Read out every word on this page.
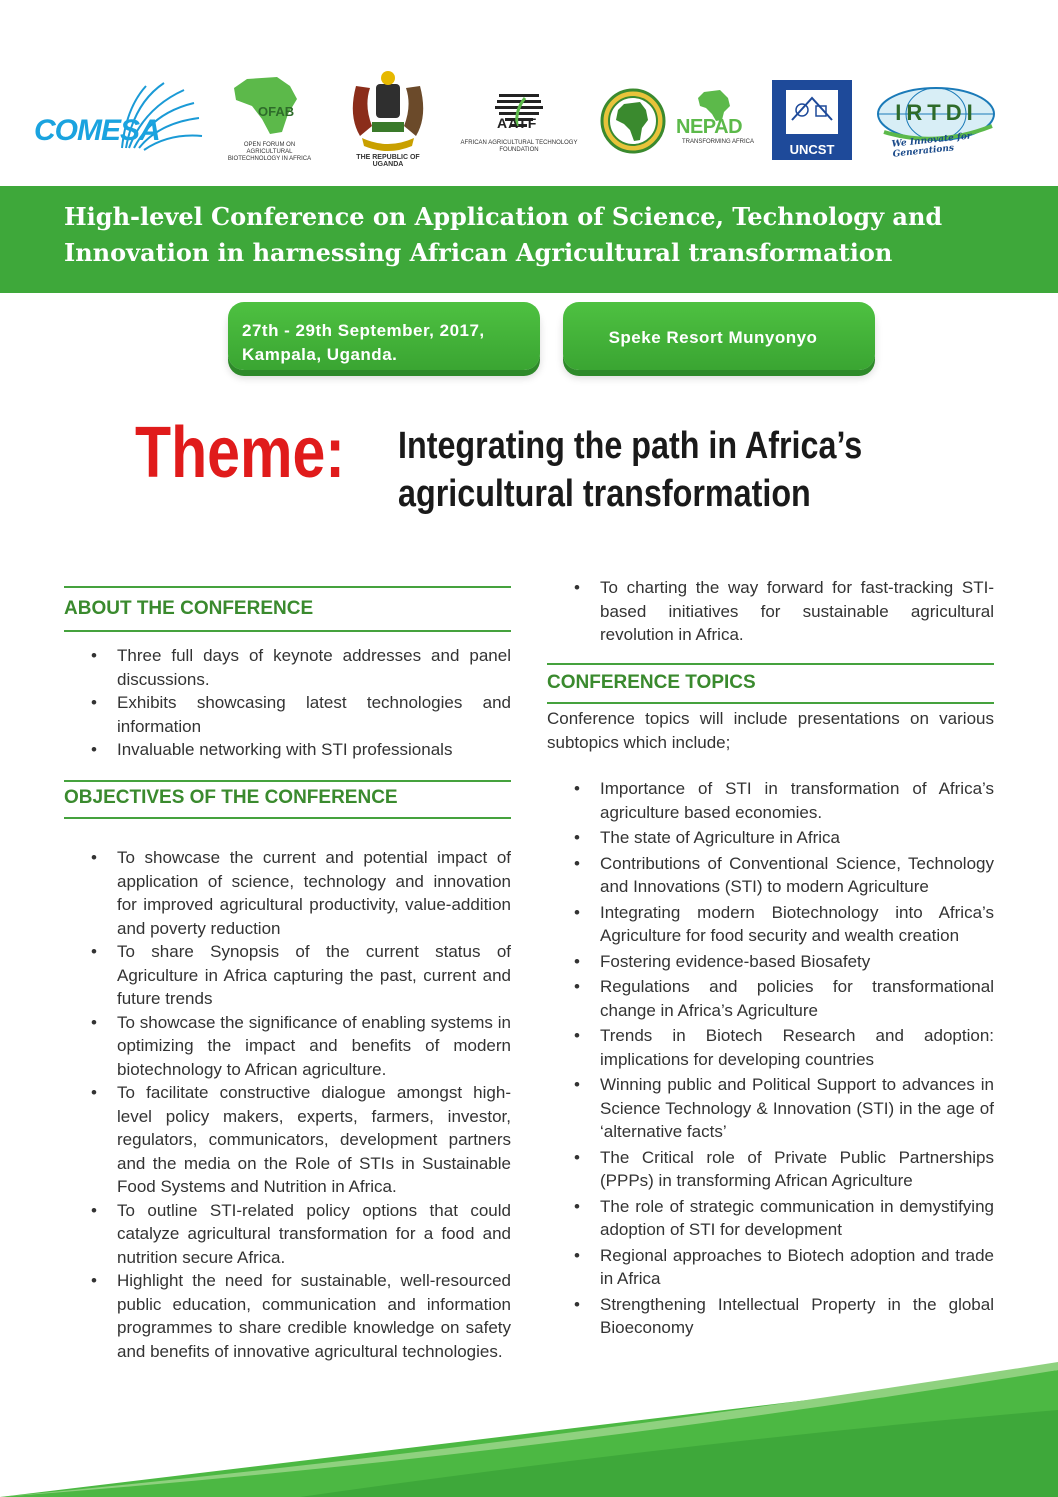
COMESA
OFAB
OPEN FORUM ON AGRICULTURAL BIOTECHNOLOGY IN AFRICA	THE REPUBLIC OF UGANDA
AATF
AFRICAN AGRICULTURAL TECHNOLOGY FOUNDATION
NEPAD
TRANSFORMING AFRICA	UNCST
IRTDI
We Innovate for Generations
High-level Conference on Application of Science, Technology and
Innovation in harnessing African Agricultural transformation
27th - 29th September, 2017,
Kampala, Uganda.
Speke Resort Munyonyo
Theme: Integrating the path in Africa’s
agricultural transformation
ABOUT THE CONFERENCE
• Three full days of keynote addresses and panel discussions.
• Exhibits showcasing latest technologies and information
• Invaluable networking with STI professionals
OBJECTIVES OF THE CONFERENCE
• To showcase the current and potential impact of application of science, technology and innovation for improved agricultural productivity, value-addition and poverty reduction
• To share Synopsis of the current status of Agriculture in Africa capturing the past, current and future trends
• To showcase the significance of enabling systems in optimizing the impact and benefits of modern biotechnology to African agriculture.
• To facilitate constructive dialogue amongst high-level policy makers, experts, farmers, investor, regulators, communicators, development partners and the media on the Role of STIs in Sustainable Food Systems and Nutrition in Africa.
• To outline STI-related policy options that could catalyze agricultural transformation for a food and nutrition secure Africa.
• Highlight the need for sustainable, well-resourced public education, communication and information programmes to share credible knowledge on safety and benefits of innovative agricultural technologies.
• To charting the way forward for fast-tracking STI-based initiatives for sustainable agricultural revolution in Africa.
CONFERENCE TOPICS
Conference topics will include presentations on various subtopics which include;
• Importance of STI in transformation of Africa’s agriculture based economies.
• The state of Agriculture in Africa
• Contributions of Conventional Science, Technology and Innovations (STI) to modern Agriculture
• Integrating modern Biotechnology into Africa’s Agriculture for food security and wealth creation
• Fostering evidence-based Biosafety
• Regulations and policies for transformational change in Africa’s Agriculture
• Trends in Biotech Research and adoption: implications for developing countries
• Winning public and Political Support to advances in Science Technology & Innovation (STI) in the age of ‘alternative facts’
• The Critical role of Private Public Partnerships (PPPs) in transforming African Agriculture
• The role of strategic communication in demystifying adoption of STI for development
• Regional approaches to Biotech adoption and trade in Africa
• Strengthening Intellectual Property in the global Bioeconomy
